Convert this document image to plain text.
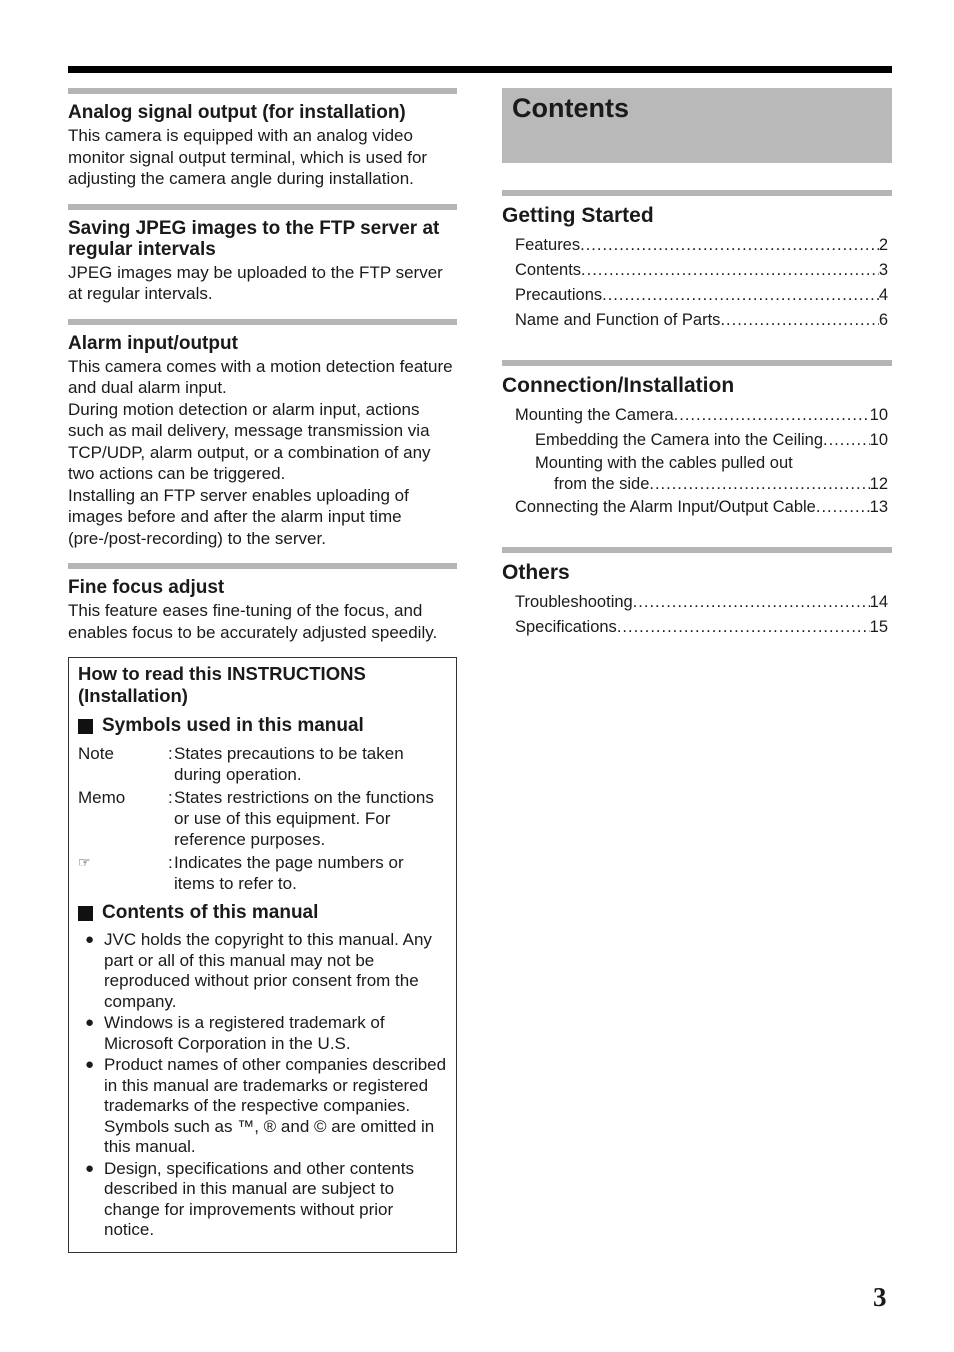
Analog signal output (for installation)

This camera is equipped with an analog video monitor signal output terminal, which is used for adjusting the camera angle during installation.

Saving JPEG images to the FTP server at regular intervals

JPEG images may be uploaded to the FTP server at regular intervals.

Alarm input/output

This camera comes with a motion detection feature and dual alarm input.
During motion detection or alarm input, actions such as mail delivery, message transmission via TCP/UDP, alarm output, or a combination of any two actions can be triggered.
Installing an FTP server enables uploading of images before and after the alarm input time (pre-/post-recording) to the server.

Fine focus adjust

This feature eases fine-tuning of the focus, and enables focus to be accurately adjusted speedily.

How to read this INSTRUCTIONS (Installation)
Symbols used in this manual
Note	: States precautions to be taken during operation.
Memo	: States restrictions on the functions or use of this equipment. For reference purposes.
☞	: Indicates the page numbers or items to refer to.
Contents of this manual
● JVC holds the copyright to this manual. Any part or all of this manual may not be reproduced without prior consent from the company.
● Windows is a registered trademark of Microsoft Corporation in the U.S.
● Product names of other companies described in this manual are trademarks or registered trademarks of the respective companies. Symbols such as ™, ® and © are omitted in this manual.
● Design, specifications and other contents described in this manual are subject to change for improvements without prior notice.
Contents
Getting Started
Features .....	2
Contents .....	3
Precautions .....	4
Name and Function of Parts .....	6
Connection/Installation
Mounting the Camera .....	10
Embedding the Camera into the Ceiling .....	10
Mounting with the cables pulled out
from the side .....	12
Connecting the Alarm Input/Output Cable .....	13
Others
Troubleshooting .....	14
Specifications .....	15
3
